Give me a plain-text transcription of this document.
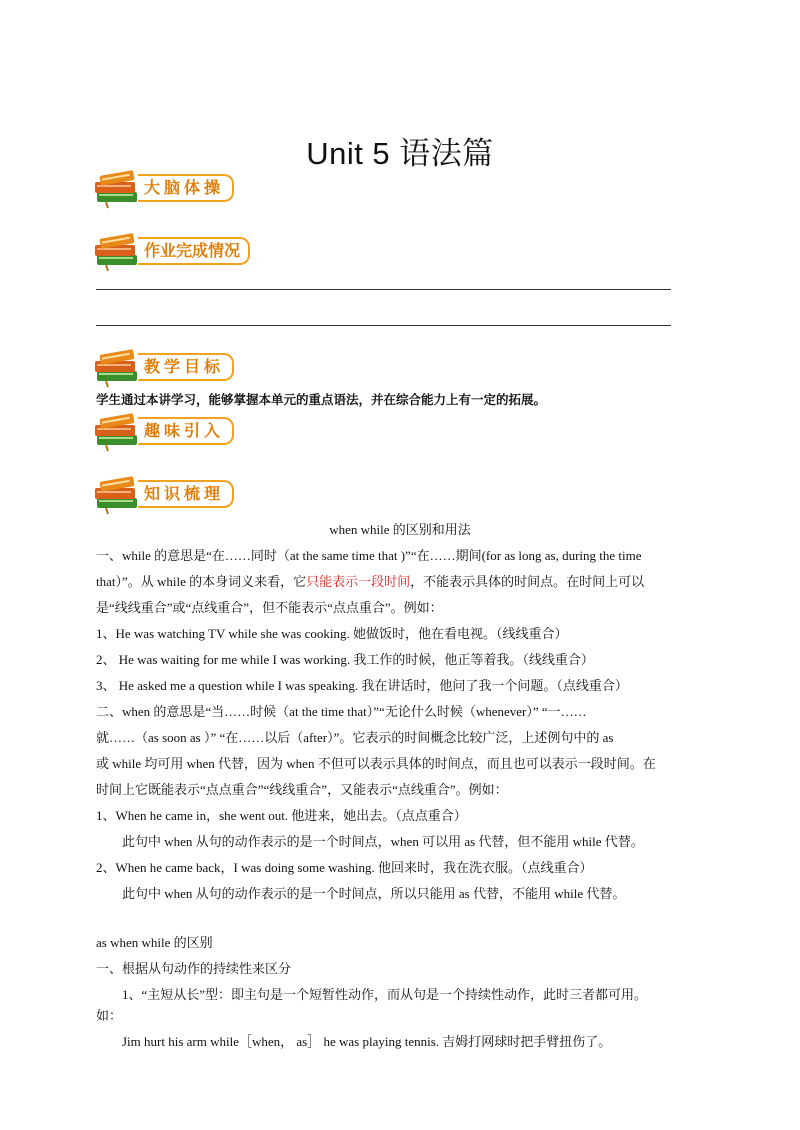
Unit 5 语法篇
大脑体操
作业完成情况
教学目标
学生通过本讲学习，能够掌握本单元的重点语法，并在综合能力上有一定的拓展。
趣味引入
知识梳理
when while 的区别和用法
一、while 的意思是“在……同时（at the same time that )”“在……期间(for as long as, during the time
that）”。从 while 的本身词义来看，它只能表示一段时间，不能表示具体的时间点。在时间上可以
是“线线重合”或“点线重合”，但不能表示“点点重合”。例如：
1、He was watching TV while she was cooking. 她做饭时，他在看电视。（线线重合）
2、 He was waiting for me while I was working. 我工作的时候，他正等着我。（线线重合）
3、 He asked me a question while I was speaking. 我在讲话时，他问了我一个问题。（点线重合）
二、when 的意思是“当……时候（at the time that）”“无论什么时候（whenever）” “一……
就……（as soon as ）” “在……以后（after）”。它表示的时间概念比较广泛，上述例句中的 as
或 while 均可用 when 代替，因为 when 不但可以表示具体的时间点，而且也可以表示一段时间。在
时间上它既能表示“点点重合”“线线重合”，又能表示“点线重合”。例如：
1、When he came in，she went out. 他进来，她出去。（点点重合）
此句中 when 从句的动作表示的是一个时间点，when 可以用 as 代替，但不能用 while 代替。
2、When he came back，I was doing some washing. 他回来时，我在洗衣服。（点线重合）
此句中 when 从句的动作表示的是一个时间点，所以只能用 as 代替，不能用 while 代替。
as when while 的区别
一、根据从句动作的持续性来区分
1、“主短从长”型：即主句是一个短暂性动作，而从句是一个持续性动作，此时三者都可用。
如：
Jim hurt his arm while［when， as］ he was playing tennis. 吉姆打网球时把手臂扭伤了。
